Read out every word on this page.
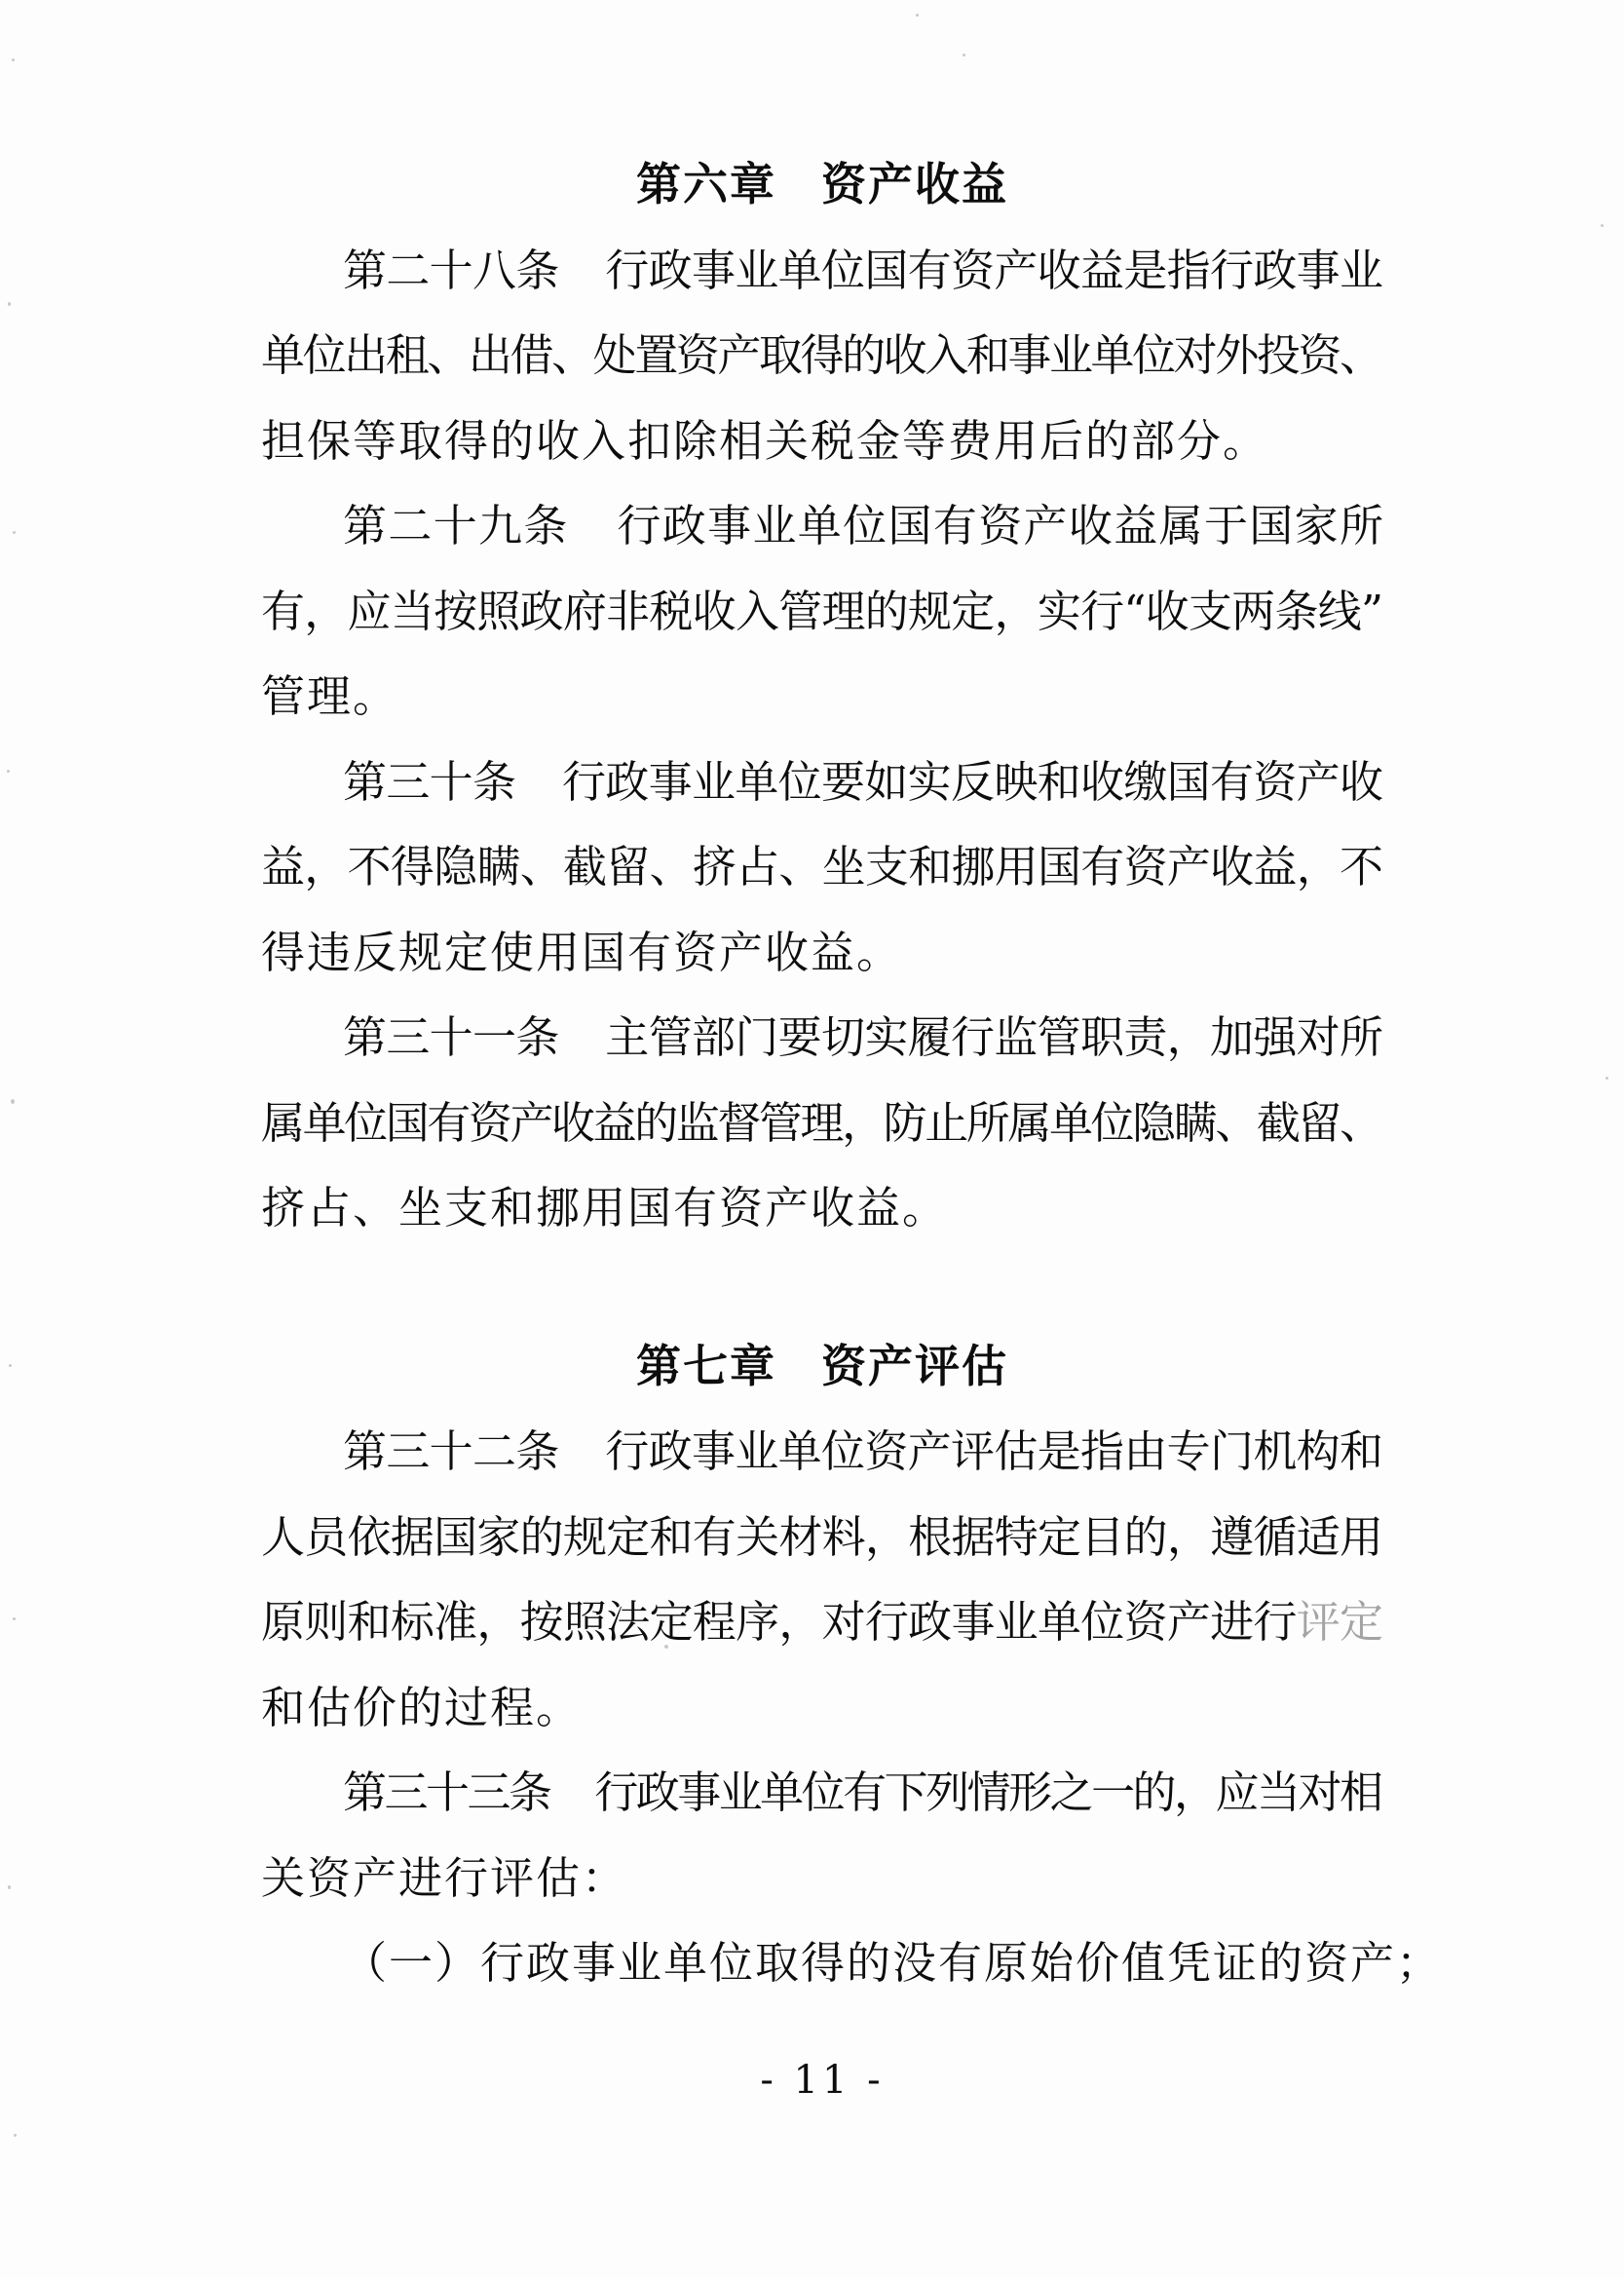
第六章 资产收益
第二十八条 行政事业单位国有资产收益是指行政事业
单位出租、出借、处置资产取得的收入和事业单位对外投资、
担保等取得的收入扣除相关税金等费用后的部分。
第二十九条 行政事业单位国有资产收益属于国家所
有，应当按照政府非税收入管理的规定，实行“收支两条线”
管理。
第三十条 行政事业单位要如实反映和收缴国有资产收
益，不得隐瞒、截留、挤占、坐支和挪用国有资产收益，不
得违反规定使用国有资产收益。
第三十一条 主管部门要切实履行监管职责，加强对所
属单位国有资产收益的监督管理，防止所属单位隐瞒、截留、
挤占、坐支和挪用国有资产收益。
第七章 资产评估
第三十二条 行政事业单位资产评估是指由专门机构和
人员依据国家的规定和有关材料，根据特定目的，遵循适用
原则和标准，按照法定程序，对行政事业单位资产进行评定
和估价的过程。
第三十三条 行政事业单位有下列情形之一的，应当对相
关资产进行评估：
（一）行政事业单位取得的没有原始价值凭证的资产；
- 11 -
